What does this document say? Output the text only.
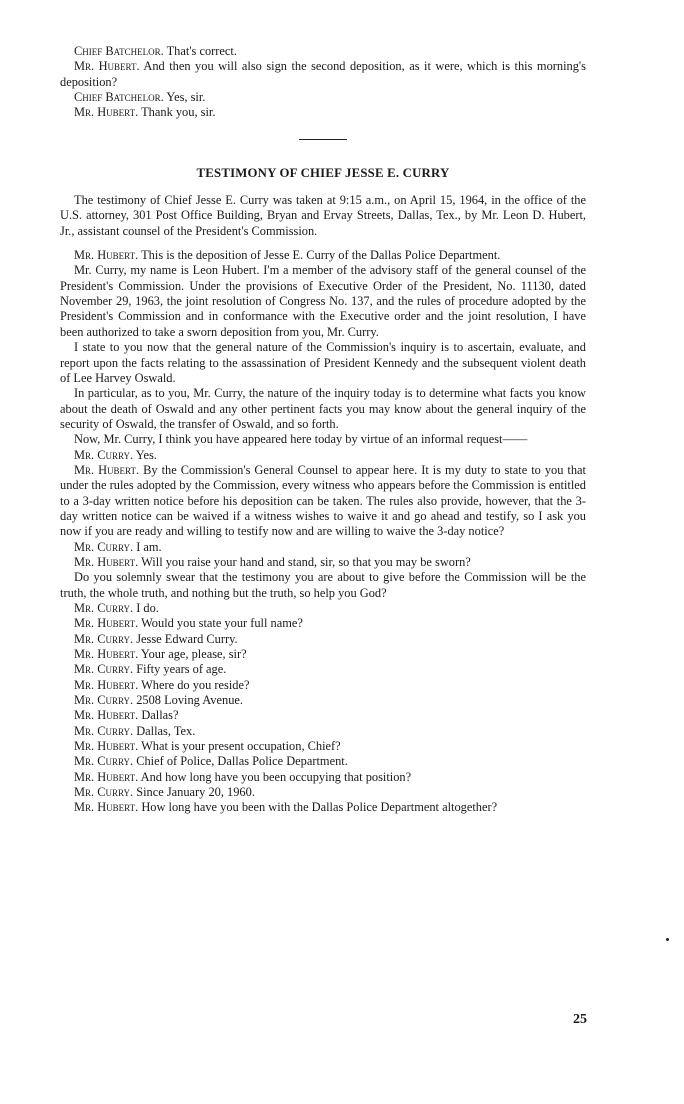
Chief Batchelor. That's correct.

Mr. Hubert. And then you will also sign the second deposition, as it were, which is this morning's deposition?

Chief Batchelor. Yes, sir.

Mr. Hubert. Thank you, sir.

TESTIMONY OF CHIEF JESSE E. CURRY

The testimony of Chief Jesse E. Curry was taken at 9:15 a.m., on April 15, 1964, in the office of the U.S. attorney, 301 Post Office Building, Bryan and Ervay Streets, Dallas, Tex., by Mr. Leon D. Hubert, Jr., assistant counsel of the President's Commission.

Mr. Hubert. This is the deposition of Jesse E. Curry of the Dallas Police Department.

Mr. Curry, my name is Leon Hubert. I'm a member of the advisory staff of the general counsel of the President's Commission. Under the provisions of Executive Order of the President, No. 11130, dated November 29, 1963, the joint resolution of Congress No. 137, and the rules of procedure adopted by the President's Commission and in conformance with the Executive order and the joint resolution, I have been authorized to take a sworn deposition from you, Mr. Curry.

I state to you now that the general nature of the Commission's inquiry is to ascertain, evaluate, and report upon the facts relating to the assassination of President Kennedy and the subsequent violent death of Lee Harvey Oswald.

In particular, as to you, Mr. Curry, the nature of the inquiry today is to determine what facts you know about the death of Oswald and any other pertinent facts you may know about the general inquiry of the security of Oswald, the transfer of Oswald, and so forth.

Now, Mr. Curry, I think you have appeared here today by virtue of an informal request——

Mr. Curry. Yes.

Mr. Hubert. By the Commission's General Counsel to appear here. It is my duty to state to you that under the rules adopted by the Commission, every witness who appears before the Commission is entitled to a 3-day written notice before his deposition can be taken. The rules also provide, however, that the 3-day written notice can be waived if a witness wishes to waive it and go ahead and testify, so I ask you now if you are ready and willing to testify now and are willing to waive the 3-day notice?

Mr. Curry. I am.

Mr. Hubert. Will you raise your hand and stand, sir, so that you may be sworn?

Do you solemnly swear that the testimony you are about to give before the Commission will be the truth, the whole truth, and nothing but the truth, so help you God?

Mr. Curry. I do.

Mr. Hubert. Would you state your full name?

Mr. Curry. Jesse Edward Curry.

Mr. Hubert. Your age, please, sir?

Mr. Curry. Fifty years of age.

Mr. Hubert. Where do you reside?

Mr. Curry. 2508 Loving Avenue.

Mr. Hubert. Dallas?

Mr. Curry. Dallas, Tex.

Mr. Hubert. What is your present occupation, Chief?

Mr. Curry. Chief of Police, Dallas Police Department.

Mr. Hubert. And how long have you been occupying that position?

Mr. Curry. Since January 20, 1960.

Mr. Hubert. How long have you been with the Dallas Police Department altogether?

25
